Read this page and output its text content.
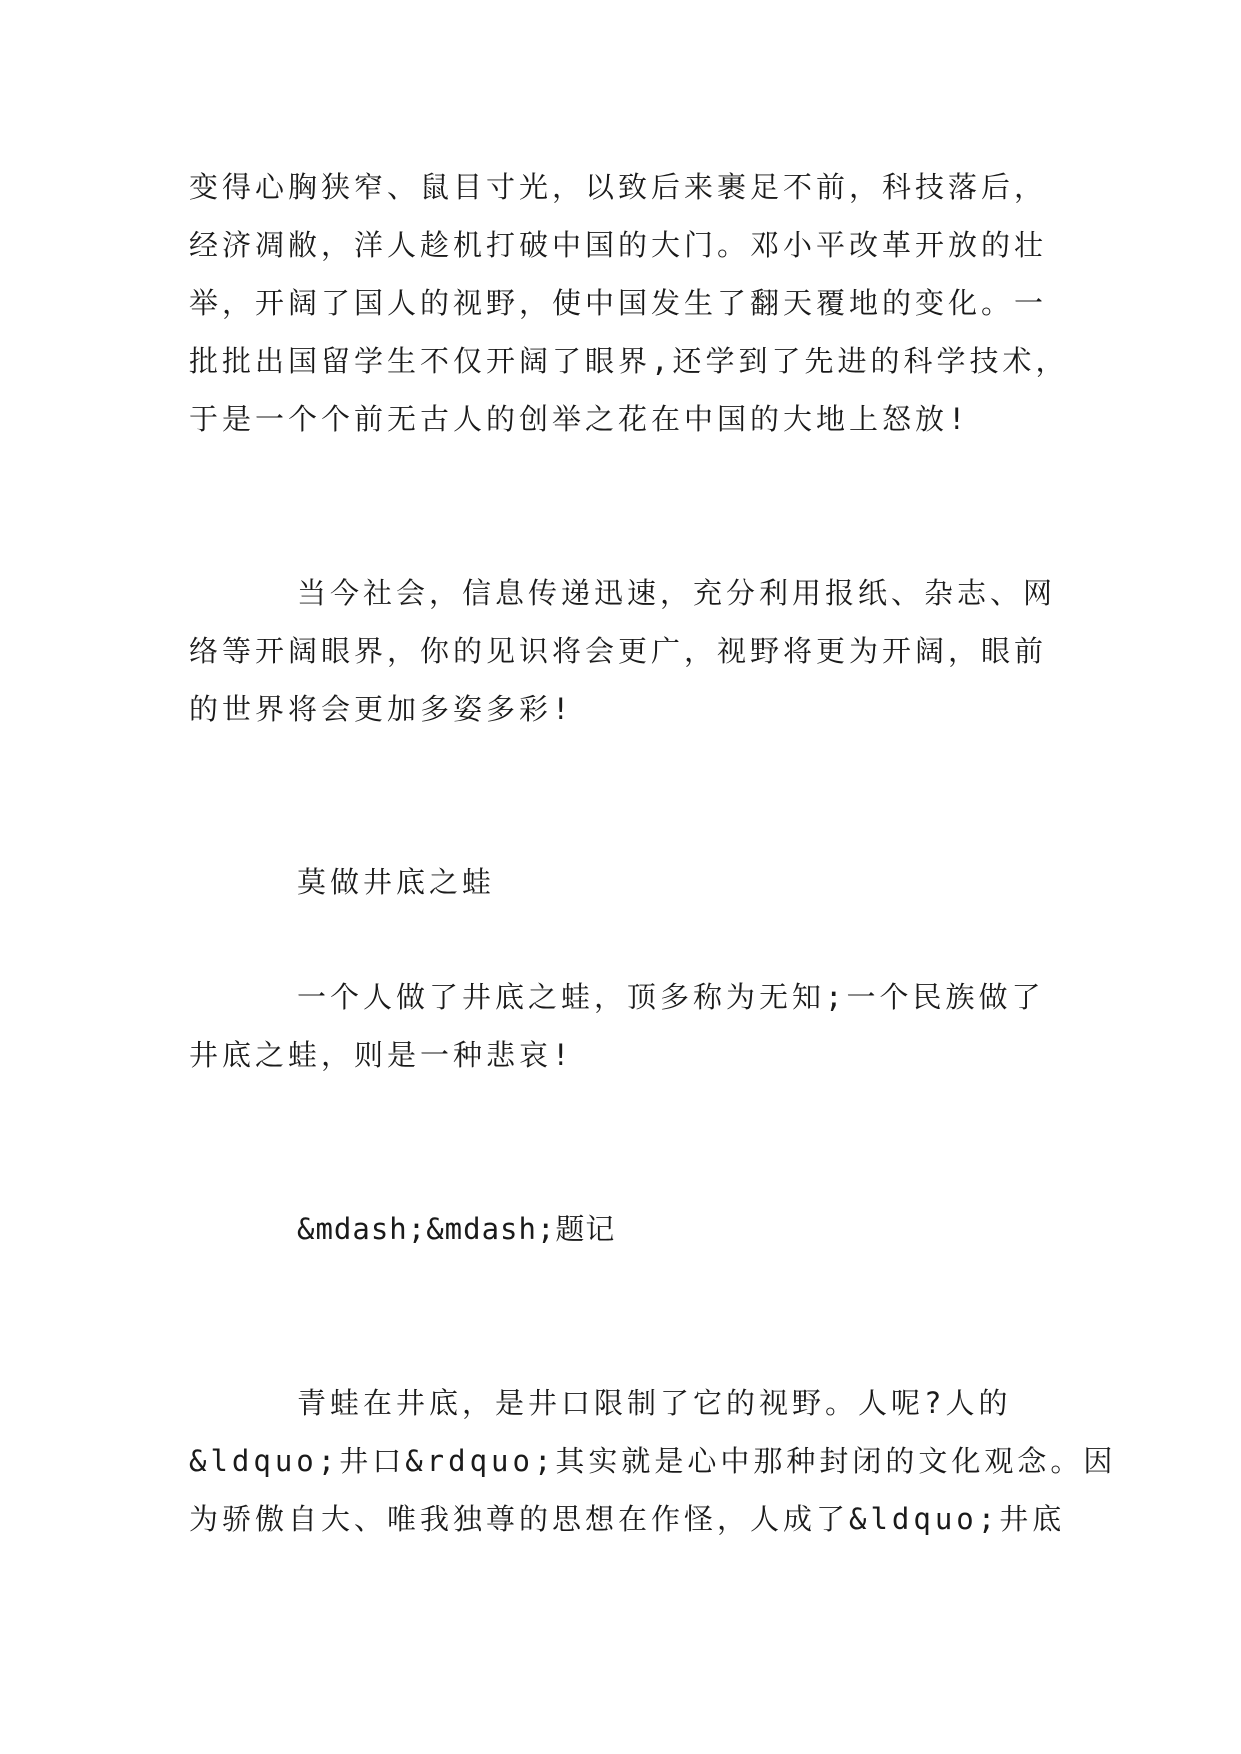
变得心胸狭窄、鼠目寸光，以致后来裹足不前，科技落后，
经济凋敝，洋人趁机打破中国的大门。邓小平改革开放的壮
举，开阔了国人的视野，使中国发生了翻天覆地的变化。一
批批出国留学生不仅开阔了眼界,还学到了先进的科学技术，
于是一个个前无古人的创举之花在中国的大地上怒放!
当今社会，信息传递迅速，充分利用报纸、杂志、网
络等开阔眼界，你的见识将会更广，视野将更为开阔，眼前
的世界将会更加多姿多彩!
莫做井底之蛙
一个人做了井底之蛙，顶多称为无知;一个民族做了
井底之蛙，则是一种悲哀!
&mdash;&mdash;题记
青蛙在井底，是井口限制了它的视野。人呢?人的
&ldquo;井口&rdquo;其实就是心中那种封闭的文化观念。因
为骄傲自大、唯我独尊的思想在作怪，人成了&ldquo;井底
